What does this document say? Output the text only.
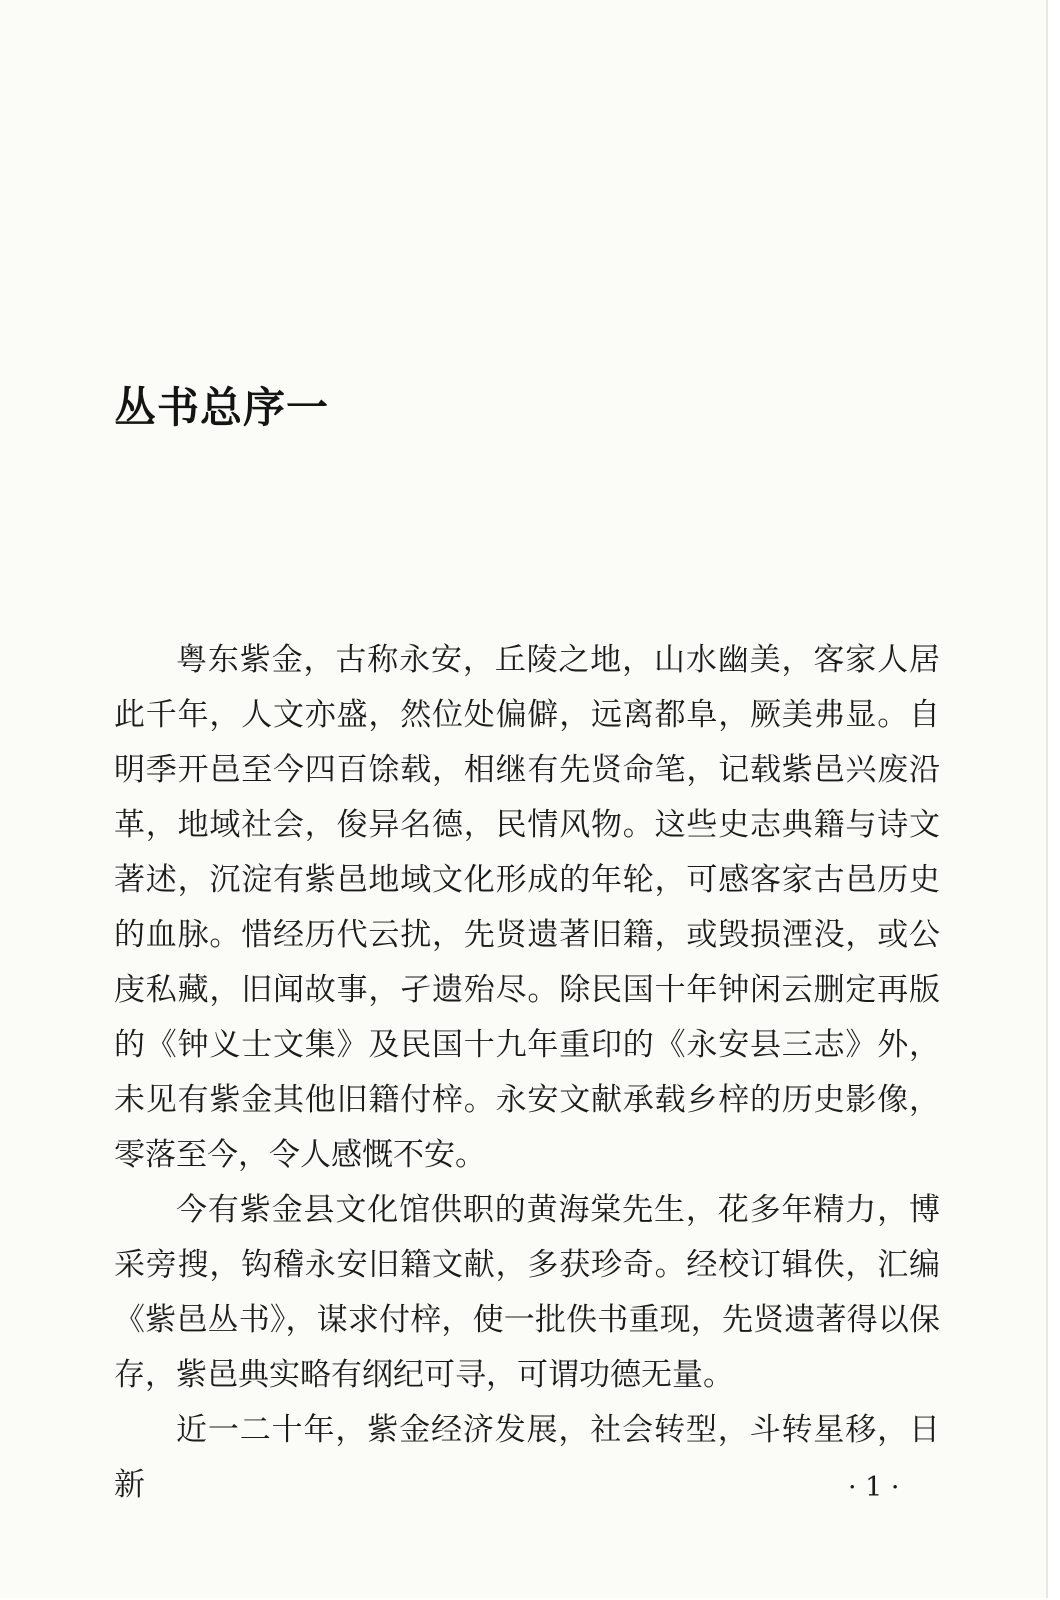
丛书总序一

粤东紫金，古称永安，丘陵之地，山水幽美，客家人居此千年，人文亦盛，然位处偏僻，远离都阜，厥美弗显。自明季开邑至今四百馀载，相继有先贤命笔，记载紫邑兴废沿革，地域社会，俊异名德，民情风物。这些史志典籍与诗文著述，沉淀有紫邑地域文化形成的年轮，可感客家古邑历史的血脉。惜经历代云扰，先贤遗著旧籍，或毁损湮没，或公庋私藏，旧闻故事，孑遗殆尽。除民国十年钟闲云删定再版的《钟义士文集》及民国十九年重印的《永安县三志》外，未见有紫金其他旧籍付梓。永安文献承载乡梓的历史影像，零落至今，令人感慨不安。

今有紫金县文化馆供职的黄海棠先生，花多年精力，博采旁搜，钩稽永安旧籍文献，多获珍奇。经校订辑佚，汇编《紫邑丛书》，谋求付梓，使一批佚书重现，先贤遗著得以保存，紫邑典实略有纲纪可寻，可谓功德无量。

近一二十年，紫金经济发展，社会转型，斗转星移，日新	· 1 ·
